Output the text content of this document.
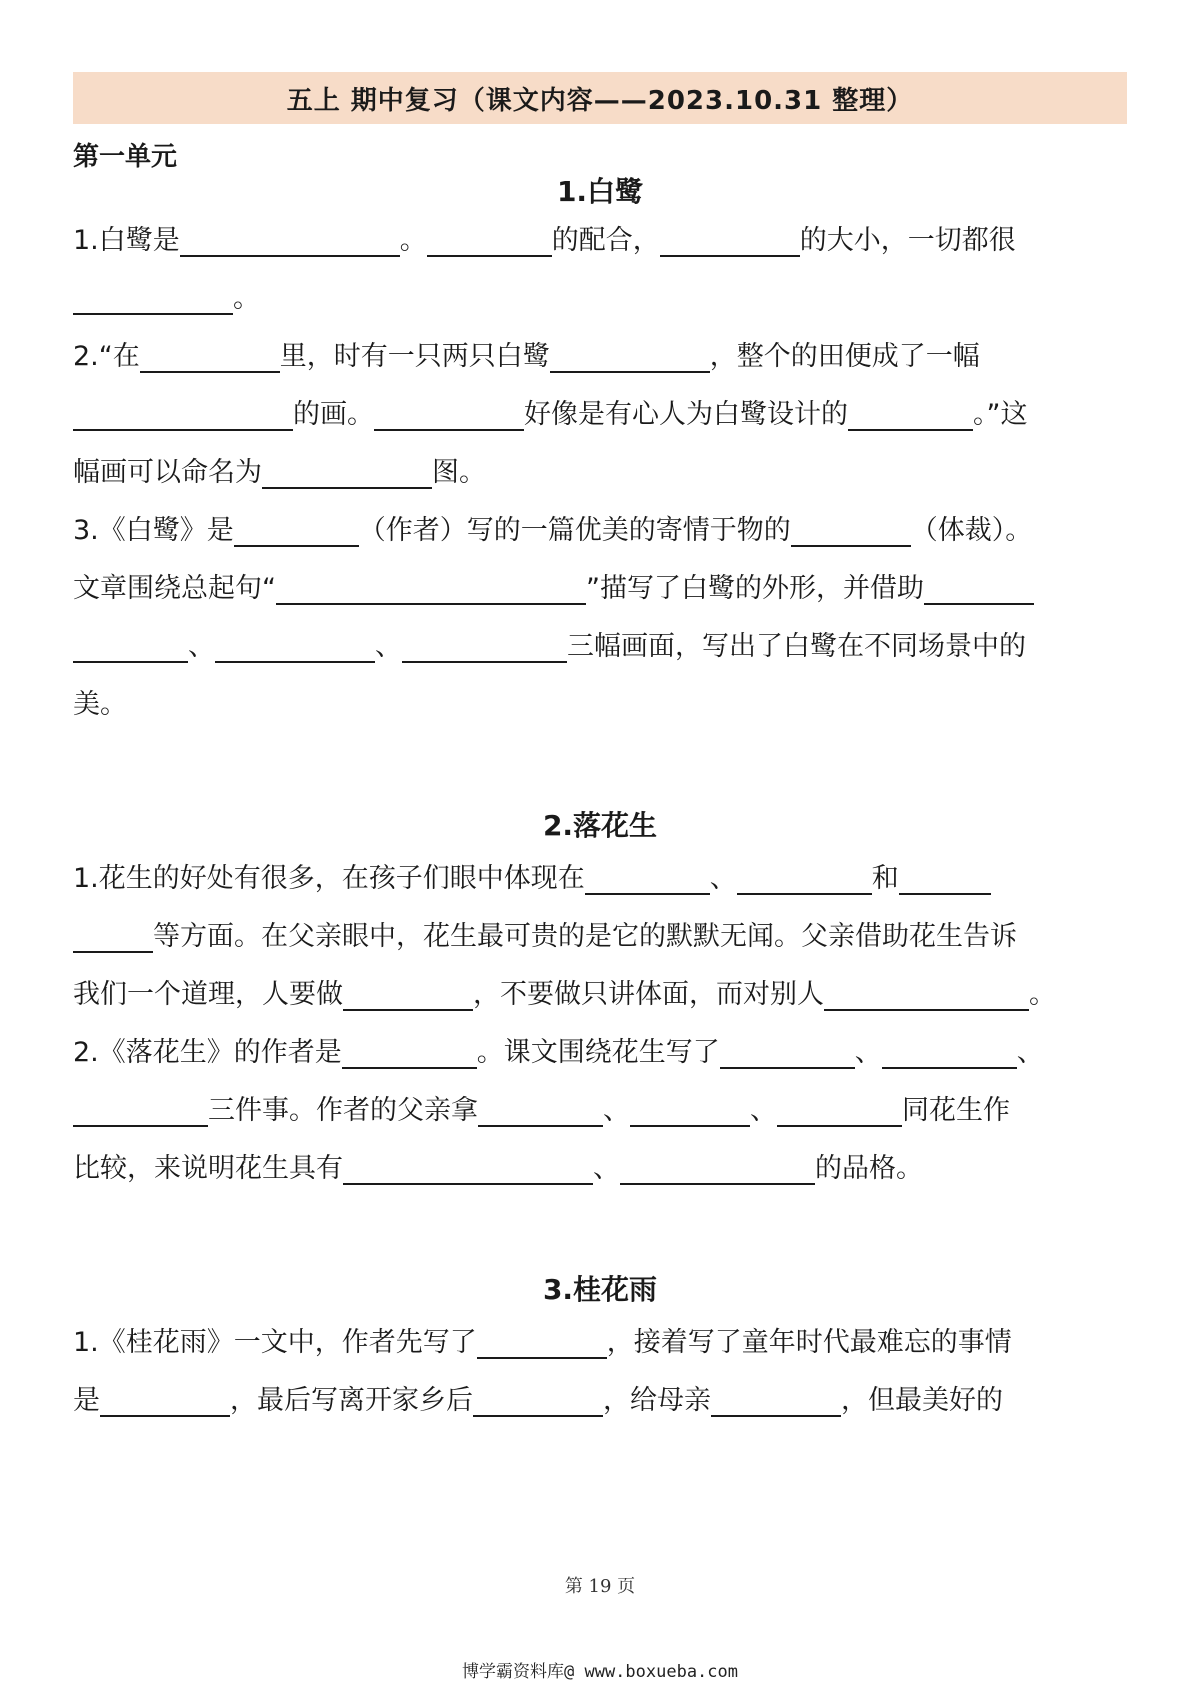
五上 期中复习（课文内容——2023.10.31 整理）
第一单元
1.白鹭
1.白鹭是	。	的配合，	的大小，一切都很
。
2.“在	里，时有一只两只白鹭	，整个的田便成了一幅
的画。	好像是有心人为白鹭设计的	。”这
幅画可以命名为	图。
3.《白鹭》是	（作者）写的一篇优美的寄情于物的	（体裁）。
文章围绕总起句“	”描写了白鹭的外形，并借助
、	、	三幅画面，写出了白鹭在不同场景中的
美。
2.落花生
1.花生的好处有很多，在孩子们眼中体现在	、	和
等方面。在父亲眼中，花生最可贵的是它的默默无闻。父亲借助花生告诉
我们一个道理，人要做	，不要做只讲体面，而对别人	。
2.《落花生》的作者是	。课文围绕花生写了	、	、
三件事。作者的父亲拿	、	、	同花生作
比较，来说明花生具有	、	的品格。
3.桂花雨
1.《桂花雨》一文中，作者先写了	，接着写了童年时代最难忘的事情
是	，最后写离开家乡后	，给母亲	，但最美好的
第 19 页
博学霸资料库@ www.boxueba.com
